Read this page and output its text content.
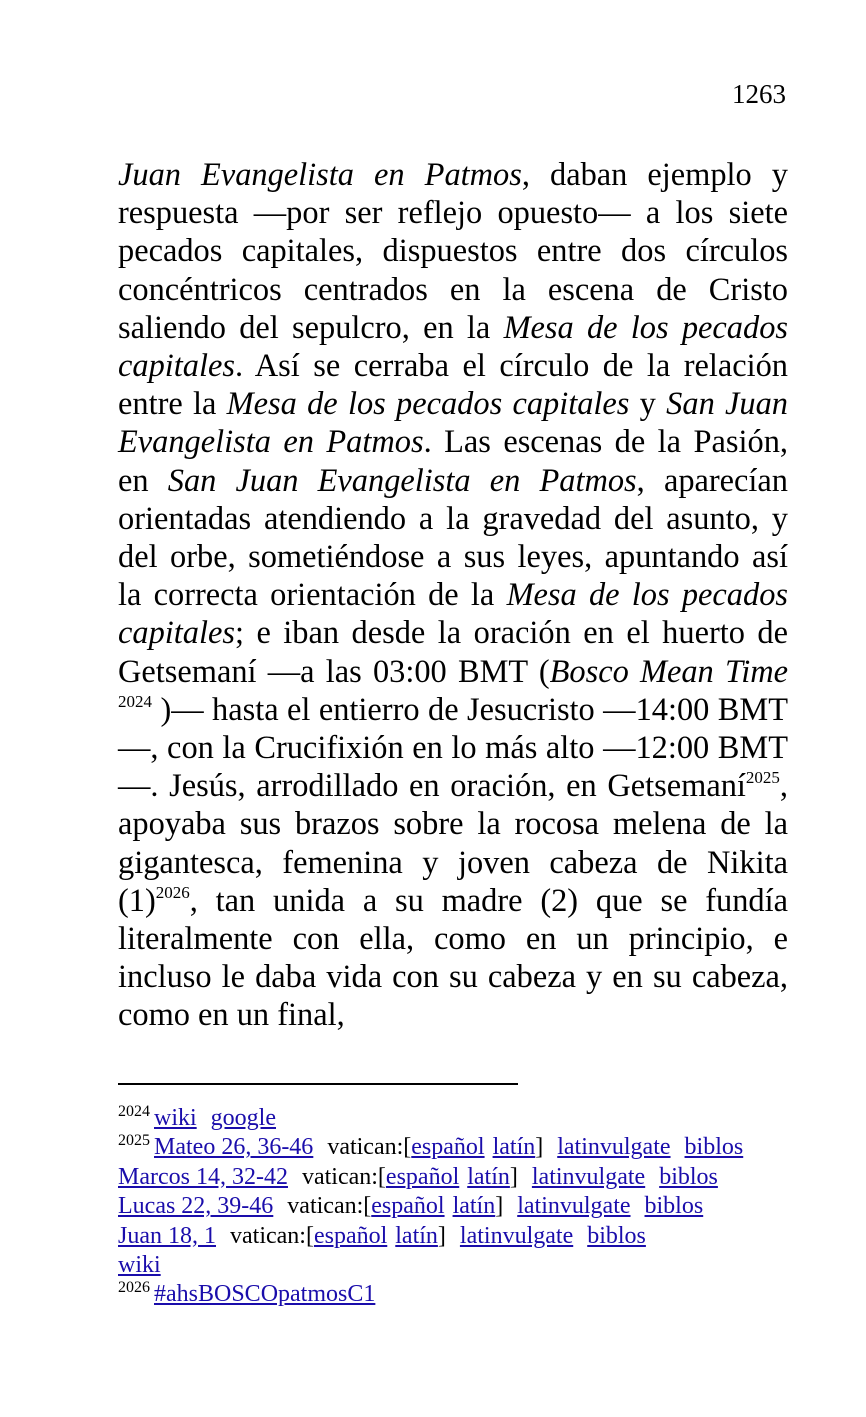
1263

Juan Evangelista en Patmos, daban ejemplo y respuesta —por ser reflejo opuesto— a los siete pecados capitales, dispuestos entre dos círculos concéntricos centrados en la escena de Cristo saliendo del sepulcro, en la Mesa de los pecados capitales. Así se cerraba el círculo de la relación entre la Mesa de los pecados capitales y San Juan Evangelista en Patmos. Las escenas de la Pasión, en San Juan Evangelista en Patmos, aparecían orientadas atendiendo a la gravedad del asunto, y del orbe, sometiéndose a sus leyes, apuntando así la correcta orientación de la Mesa de los pecados capitales; e iban desde la oración en el huerto de Getsemaní —a las 03:00 BMT (Bosco Mean Time $^{2024}$ )— hasta el entierro de Jesucristo —14:00 BMT—, con la Crucifixión en lo más alto —12:00 BMT—. Jesús, arrodillado en oración, en Getsemaní$^{2025}$, apoyaba sus brazos sobre la rocosa melena de la gigantesca, femenina y joven cabeza de Nikita $(1)^{2026}$, tan unida a su madre (2) que se fundía literalmente con ella, como en un principio, e incluso le daba vida con su cabeza y en su cabeza, como en un final,

$^{2024}$ wiki google
$^{2025}$ Mateo 26, 36-46 vatican:[español latín] latinvulgate biblos
Marcos 14, 32-42 vatican:[español latín] latinvulgate biblos
Lucas 22, 39-46 vatican:[español latín] latinvulgate biblos
Juan 18, 1 vatican:[español latín] latinvulgate biblos
wiki
$^{2026}$ #ahsBOSCOpatmosC1
